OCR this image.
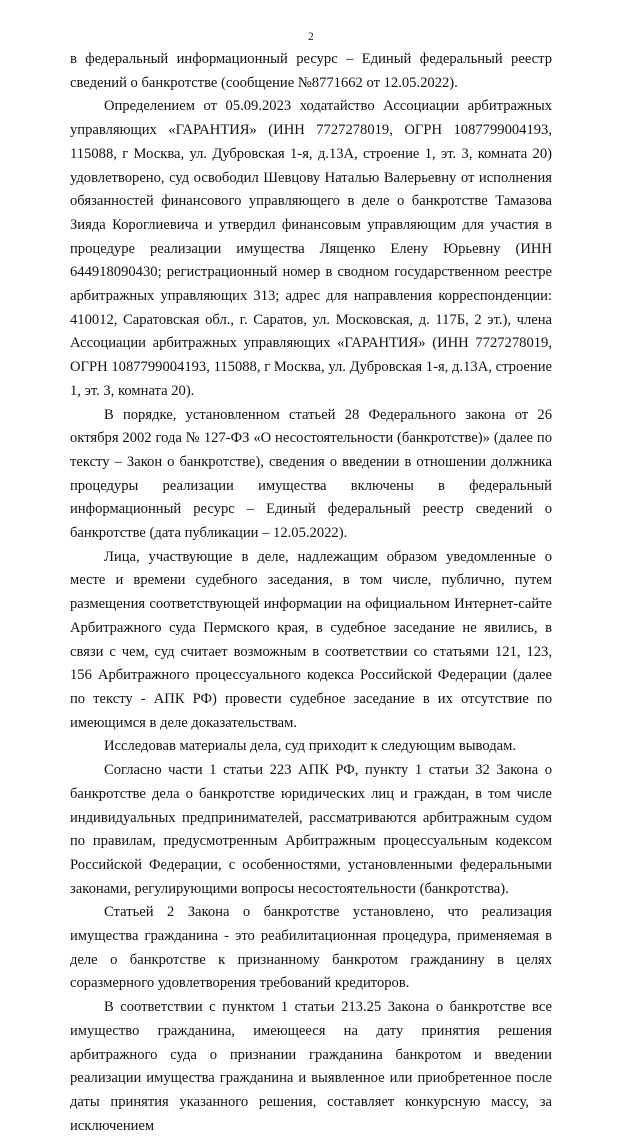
2

в федеральный информационный ресурс – Единый федеральный реестр сведений о банкротстве (сообщение №8771662 от 12.05.2022).

Определением от 05.09.2023 ходатайство Ассоциации арбитражных управляющих «ГАРАНТИЯ» (ИНН 7727278019, ОГРН 1087799004193, 115088, г Москва, ул. Дубровская 1-я, д.13А, строение 1, эт. 3, комната 20) удовлетворено, суд освободил Шевцову Наталью Валерьевну от исполнения обязанностей финансового управляющего в деле о банкротстве Тамазова Зияда Короглиевича и утвердил финансовым управляющим для участия в процедуре реализации имущества Лященко Елену Юрьевну (ИНН 644918090430; регистрационный номер в сводном государственном реестре арбитражных управляющих 313; адрес для направления корреспонденции: 410012, Саратовская обл., г. Саратов, ул. Московская, д. 117Б, 2 эт.), члена Ассоциации арбитражных управляющих «ГАРАНТИЯ» (ИНН 7727278019, ОГРН 1087799004193, 115088, г Москва, ул. Дубровская 1-я, д.13А, строение 1, эт. 3, комната 20).

В порядке, установленном статьей 28 Федерального закона от 26 октября 2002 года № 127-ФЗ «О несостоятельности (банкротстве)» (далее по тексту – Закон о банкротстве), сведения о введении в отношении должника процедуры реализации имущества включены в федеральный информационный ресурс – Единый федеральный реестр сведений о банкротстве (дата публикации – 12.05.2022).

Лица, участвующие в деле, надлежащим образом уведомленные о месте и времени судебного заседания, в том числе, публично, путем размещения соответствующей информации на официальном Интернет-сайте Арбитражного суда Пермского края, в судебное заседание не явились, в связи с чем, суд считает возможным в соответствии со статьями 121, 123, 156 Арбитражного процессуального кодекса Российской Федерации (далее по тексту - АПК РФ) провести судебное заседание в их отсутствие по имеющимся в деле доказательствам.

Исследовав материалы дела, суд приходит к следующим выводам.

Согласно части 1 статьи 223 АПК РФ, пункту 1 статьи 32 Закона о банкротстве дела о банкротстве юридических лиц и граждан, в том числе индивидуальных предпринимателей, рассматриваются арбитражным судом по правилам, предусмотренным Арбитражным процессуальным кодексом Российской Федерации, с особенностями, установленными федеральными законами, регулирующими вопросы несостоятельности (банкротства).

Статьей 2 Закона о банкротстве установлено, что реализация имущества гражданина - это реабилитационная процедура, применяемая в деле о банкротстве к признанному банкротом гражданину в целях соразмерного удовлетворения требований кредиторов.

В соответствии с пунктом 1 статьи 213.25 Закона о банкротстве все имущество гражданина, имеющееся на дату принятия решения арбитражного суда о признании гражданина банкротом и введении реализации имущества гражданина и выявленное или приобретенное после даты принятия указанного решения, составляет конкурсную массу, за исключением
